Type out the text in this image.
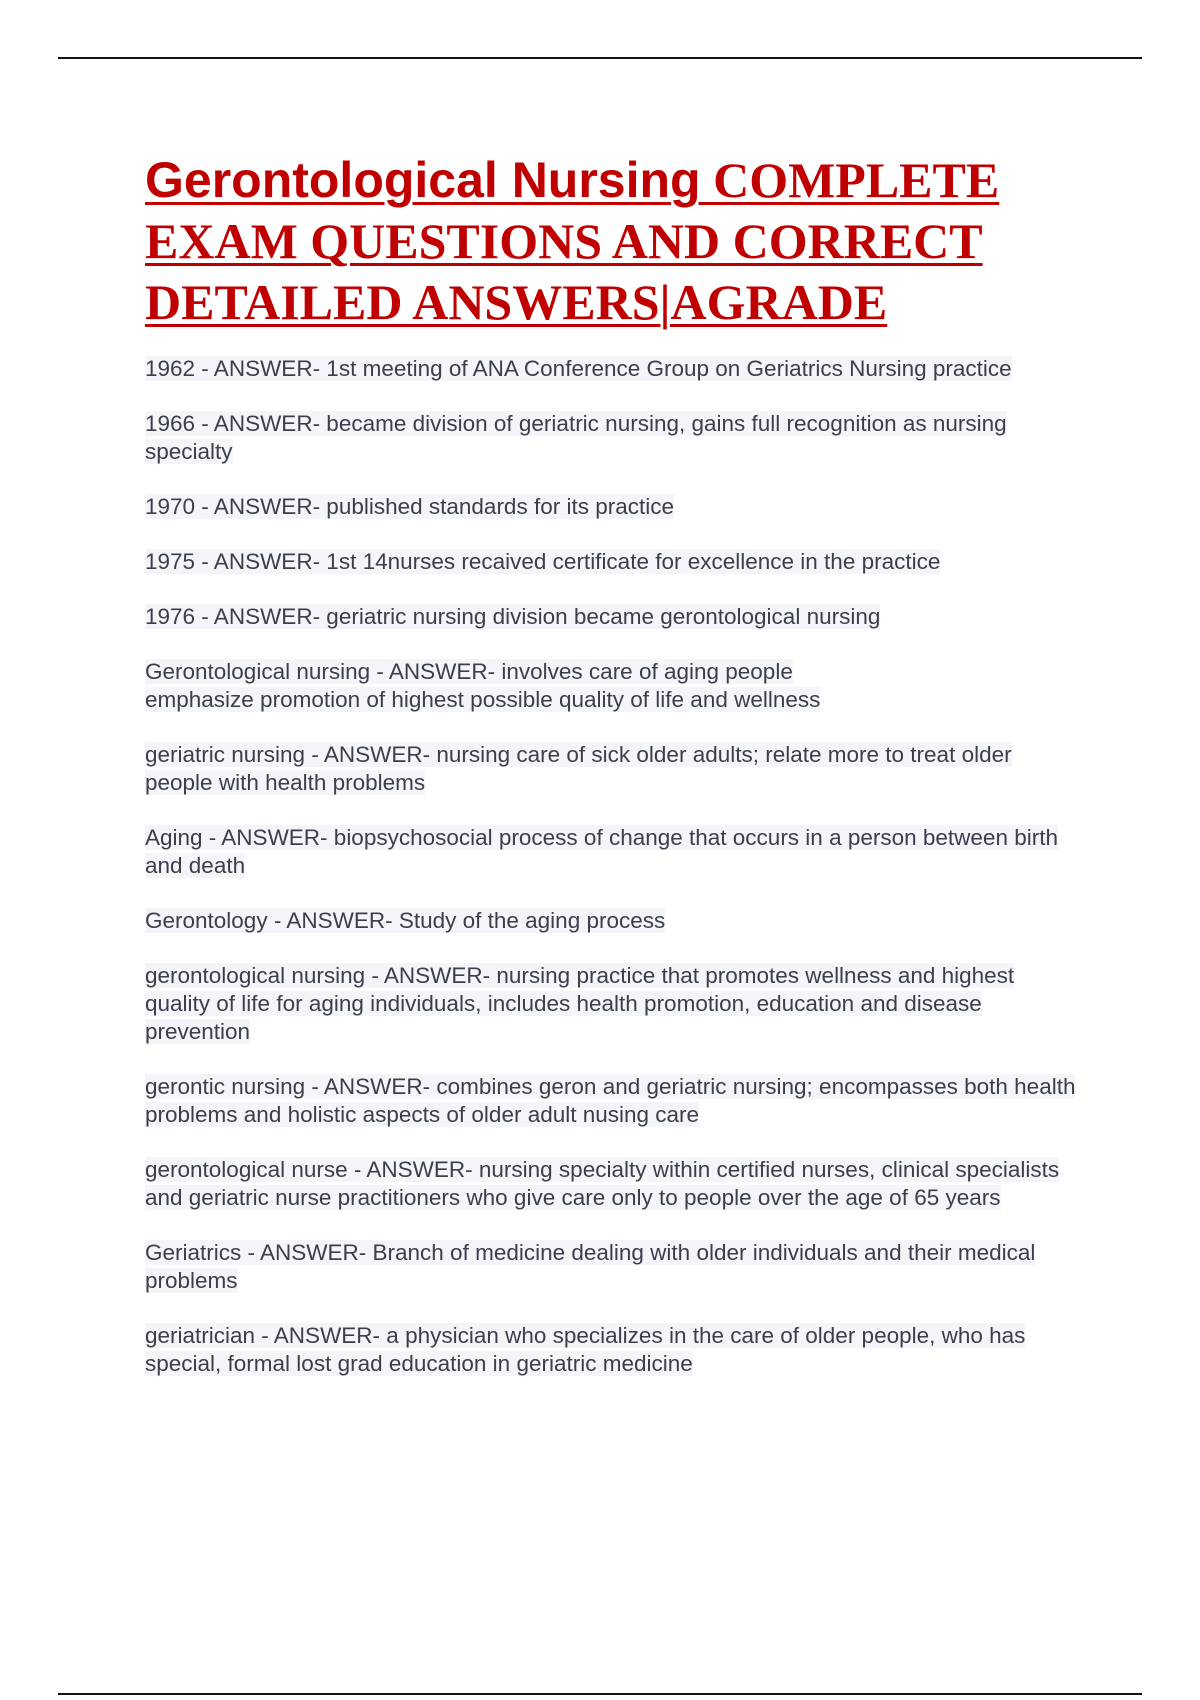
Gerontological Nursing COMPLETE EXAM QUESTIONS AND CORRECT DETAILED ANSWERS|AGRADE
1962 - ANSWER- 1st meeting of ANA Conference Group on Geriatrics Nursing practice
1966 - ANSWER- became division of geriatric nursing, gains full recognition as nursing specialty
1970 - ANSWER- published standards for its practice
1975 - ANSWER- 1st 14nurses recaived certificate for excellence in the practice
1976 - ANSWER- geriatric nursing division became gerontological nursing
Gerontological nursing - ANSWER- involves care of aging people
emphasize promotion of highest possible quality of life and wellness
geriatric nursing - ANSWER- nursing care of sick older adults; relate more to treat older people with health problems
Aging - ANSWER- biopsychosocial process of change that occurs in a person between birth and death
Gerontology - ANSWER- Study of the aging process
gerontological nursing - ANSWER- nursing practice that promotes wellness and highest quality of life for aging individuals, includes health promotion, education and disease prevention
gerontic nursing - ANSWER- combines geron and geriatric nursing; encompasses both health problems and holistic aspects of older adult nusing care
gerontological nurse - ANSWER- nursing specialty within certified nurses, clinical specialists and geriatric nurse practitioners who give care only to people over the age of 65 years
Geriatrics - ANSWER- Branch of medicine dealing with older individuals and their medical problems
geriatrician - ANSWER- a physician who specializes in the care of older people, who has special, formal lost grad education in geriatric medicine
